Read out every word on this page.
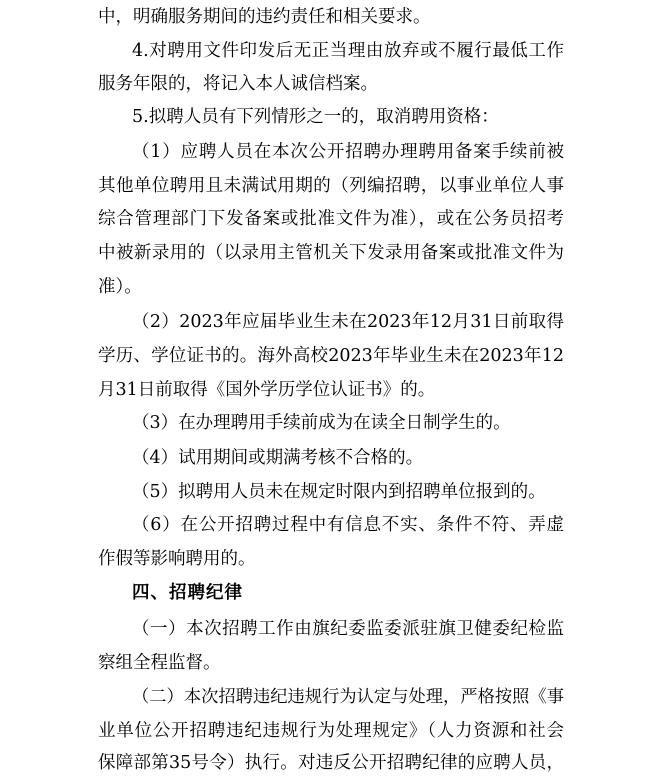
中，明确服务期间的违约责任和相关要求。
4.对聘用文件印发后无正当理由放弃或不履行最低工作
服务年限的，将记入本人诚信档案。
5.拟聘人员有下列情形之一的，取消聘用资格：
（1）应聘人员在本次公开招聘办理聘用备案手续前被
其他单位聘用且未满试用期的（列编招聘，以事业单位人事
综合管理部门下发备案或批准文件为准），或在公务员招考
中被新录用的（以录用主管机关下发录用备案或批准文件为
准）。
（2）2023年应届毕业生未在2023年12月31日前取得
学历、学位证书的。海外高校2023年毕业生未在2023年12
月31日前取得《国外学历学位认证书》的。
（3）在办理聘用手续前成为在读全日制学生的。
（4）试用期间或期满考核不合格的。
（5）拟聘用人员未在规定时限内到招聘单位报到的。
（6）在公开招聘过程中有信息不实、条件不符、弄虚
作假等影响聘用的。
四、招聘纪律
（一）本次招聘工作由旗纪委监委派驻旗卫健委纪检监
察组全程监督。
（二）本次招聘违纪违规行为认定与处理，严格按照《事
业单位公开招聘违纪违规行为处理规定》（人力资源和社会
保障部第35号令）执行。对违反公开招聘纪律的应聘人员，
